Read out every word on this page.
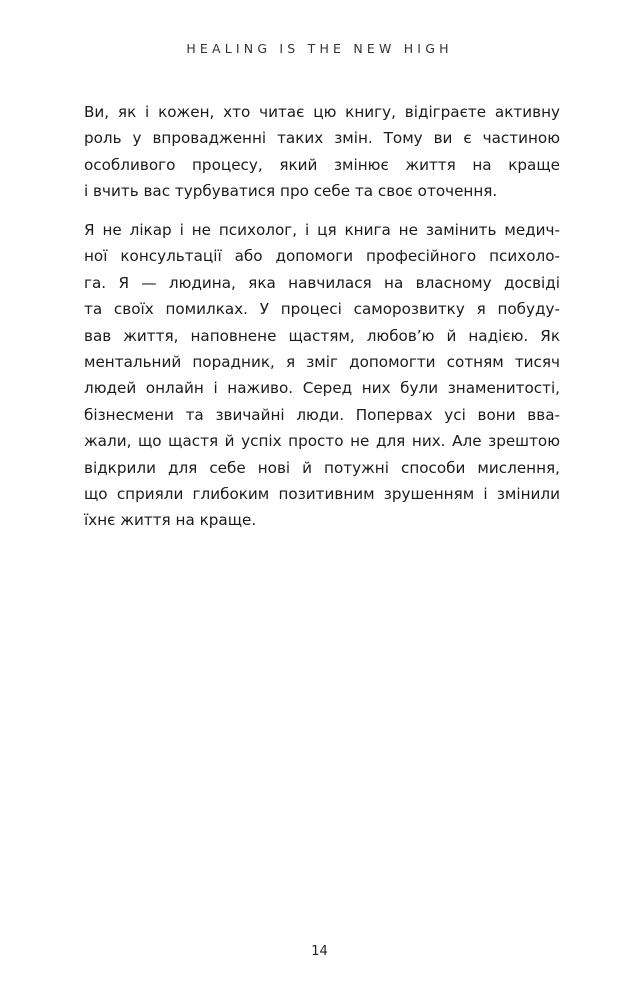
HEALING IS THE NEW HIGH
Ви, як і кожен, хто читає цю книгу, відіграєте активну
роль у впровадженні таких змін. Тому ви є частиною
особливого процесу, який змінює життя на краще
і вчить вас турбуватися про себе та своє оточення.
Я не лікар і не психолог, і ця книга не замінить медич-
ної консультації або допомоги професійного психоло-
га. Я — людина, яка навчилася на власному досвіді
та своїх помилках. У процесі саморозвитку я побуду-
вав життя, наповнене щастям, любов’ю й надією. Як
ментальний порадник, я зміг допомогти сотням тисяч
людей онлайн і наживо. Серед них були знаменитості,
бізнесмени та звичайні люди. Поперваx усі вони вва-
жали, що щастя й успіх просто не для них. Але зрештою
відкрили для себе нові й потужні способи мислення,
що сприяли глибоким позитивним зрушенням і змінили
їхнє життя на краще.
14
